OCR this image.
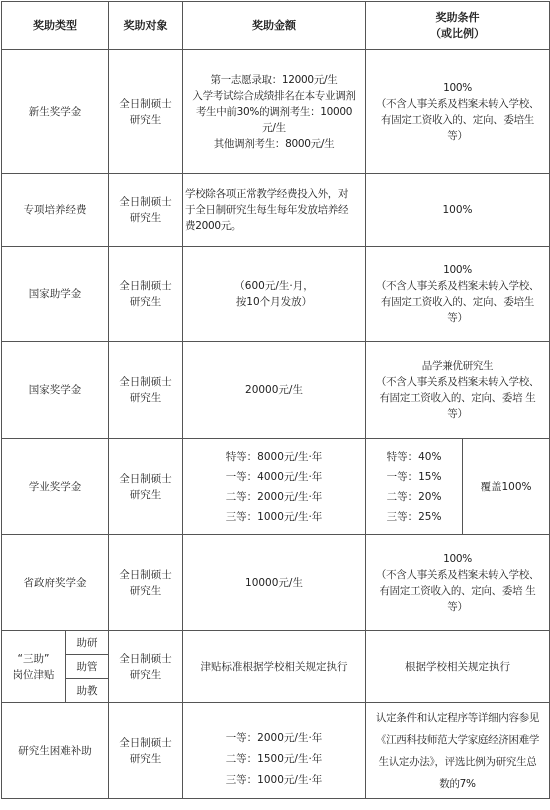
奖助类型		奖助对象	奖助金额	奖助条件
（或比例）	

新生奖学金		全日制硕士
研究生	第一志愿录取：12000元/生
入学考试综合成绩排名在本专业调剂
考生中前30%的调剂考生：10000
元/生
其他调剂考生：8000元/生	100%
（不含人事关系及档案未转入学校、
有固定工资收入的、定向、委培生
等）	

专项培养经费		全日制硕士
研究生	学校除各项正常教学经费投入外，对
于全日制研究生每生每年发放培养经
费2000元。	100%	
国家助学金		全日制硕士
研究生	（600元/生·月，
按10个月发放）	100%
（不含人事关系及档案未转入学校、
有固定工资收入的、定向、委培生
等）	

国家奖学金		全日制硕士
研究生	20000元/生	品学兼优研究生
（不含人事关系及档案未转入学校、
有固定工资收入的、定向、委培 生
等）	

学业奖学金		全日制硕士
研究生	特等：8000元/生·年
一等：4000元/生·年
二等：2000元/生·年
三等：1000元/生·年	特等：40%
一等：15%
二等：20%
三等：25%	覆盖100%
省政府奖学金		全日制硕士
研究生	10000元/生	100%
（不含人事关系及档案未转入学校、
有固定工资收入的、定向、委培 生
等）	

“三助”
岗位津贴	助研	全日制硕士
研究生	津贴标准根据学校相关规定执行	根据学校相关规定执行	
	助管				
	助教				
研究生困难补助		全日制硕士
研究生	一等：2000元/生·年
二等：1500元/生·年
三等：1000元/生·年	认定条件和认定程序等详细内容参见
《江西科技师范大学家庭经济困难学
生认定办法》，评选比例为研究生总
数的7%	
